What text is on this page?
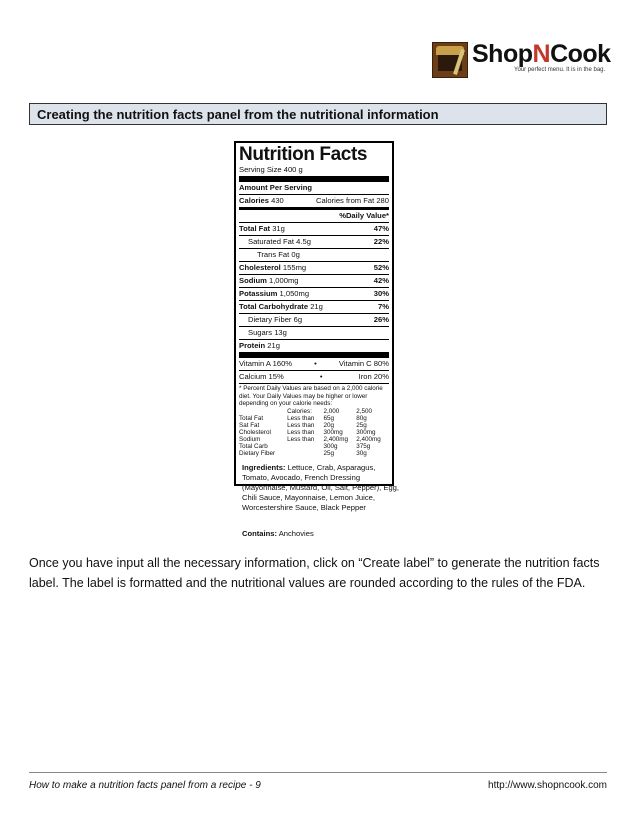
ShopNCook
Your perfect menu. It is in the bag.
Creating the nutrition facts panel from the nutritional information
Nutrition Facts
Serving Size 400 g
Amount Per Serving
Calories 430	Calories from Fat 280
%Daily Value*
Total Fat 31g	47%
Saturated Fat 4.5g	22%
Trans Fat 0g
Cholesterol 155mg	52%
Sodium 1,000mg	42%
Potassium 1,050mg	30%
Total Carbohydrate 21g	7%
Dietary Fiber 6g	26%
Sugars 13g
Protein 21g
Vitamin A 160%	•	Vitamin C 80%
Calcium 15%	•	Iron 20%
* Percent Daily Values are based on a 2,000 calorie diet. Your Daily Values may be higher or lower depending on your calorie needs:
	Calories:	2,000	2,500
Total Fat	Less than	65g	80g
Sat Fat	Less than	20g	25g
Cholesterol	Less than	300mg	300mg
Sodium	Less than	2,400mg	2,400mg
Total Carb		300g	375g
Dietary Fiber		25g	30g
Ingredients: Lettuce, Crab, Asparagus, Tomato, Avocado, French Dressing (Mayonnaise, Mustard, Oil, Salt, Pepper), Egg, Chili Sauce, Mayonnaise, Lemon Juice, Worcestershire Sauce, Black Pepper
Contains: Anchovies
Once you have input all the necessary information, click on “Create label” to generate the nutrition facts label. The label is formatted and the nutritional values are rounded according to the rules of the FDA.
How to make a nutrition facts panel from a recipe - 9	http://www.shopncook.com
